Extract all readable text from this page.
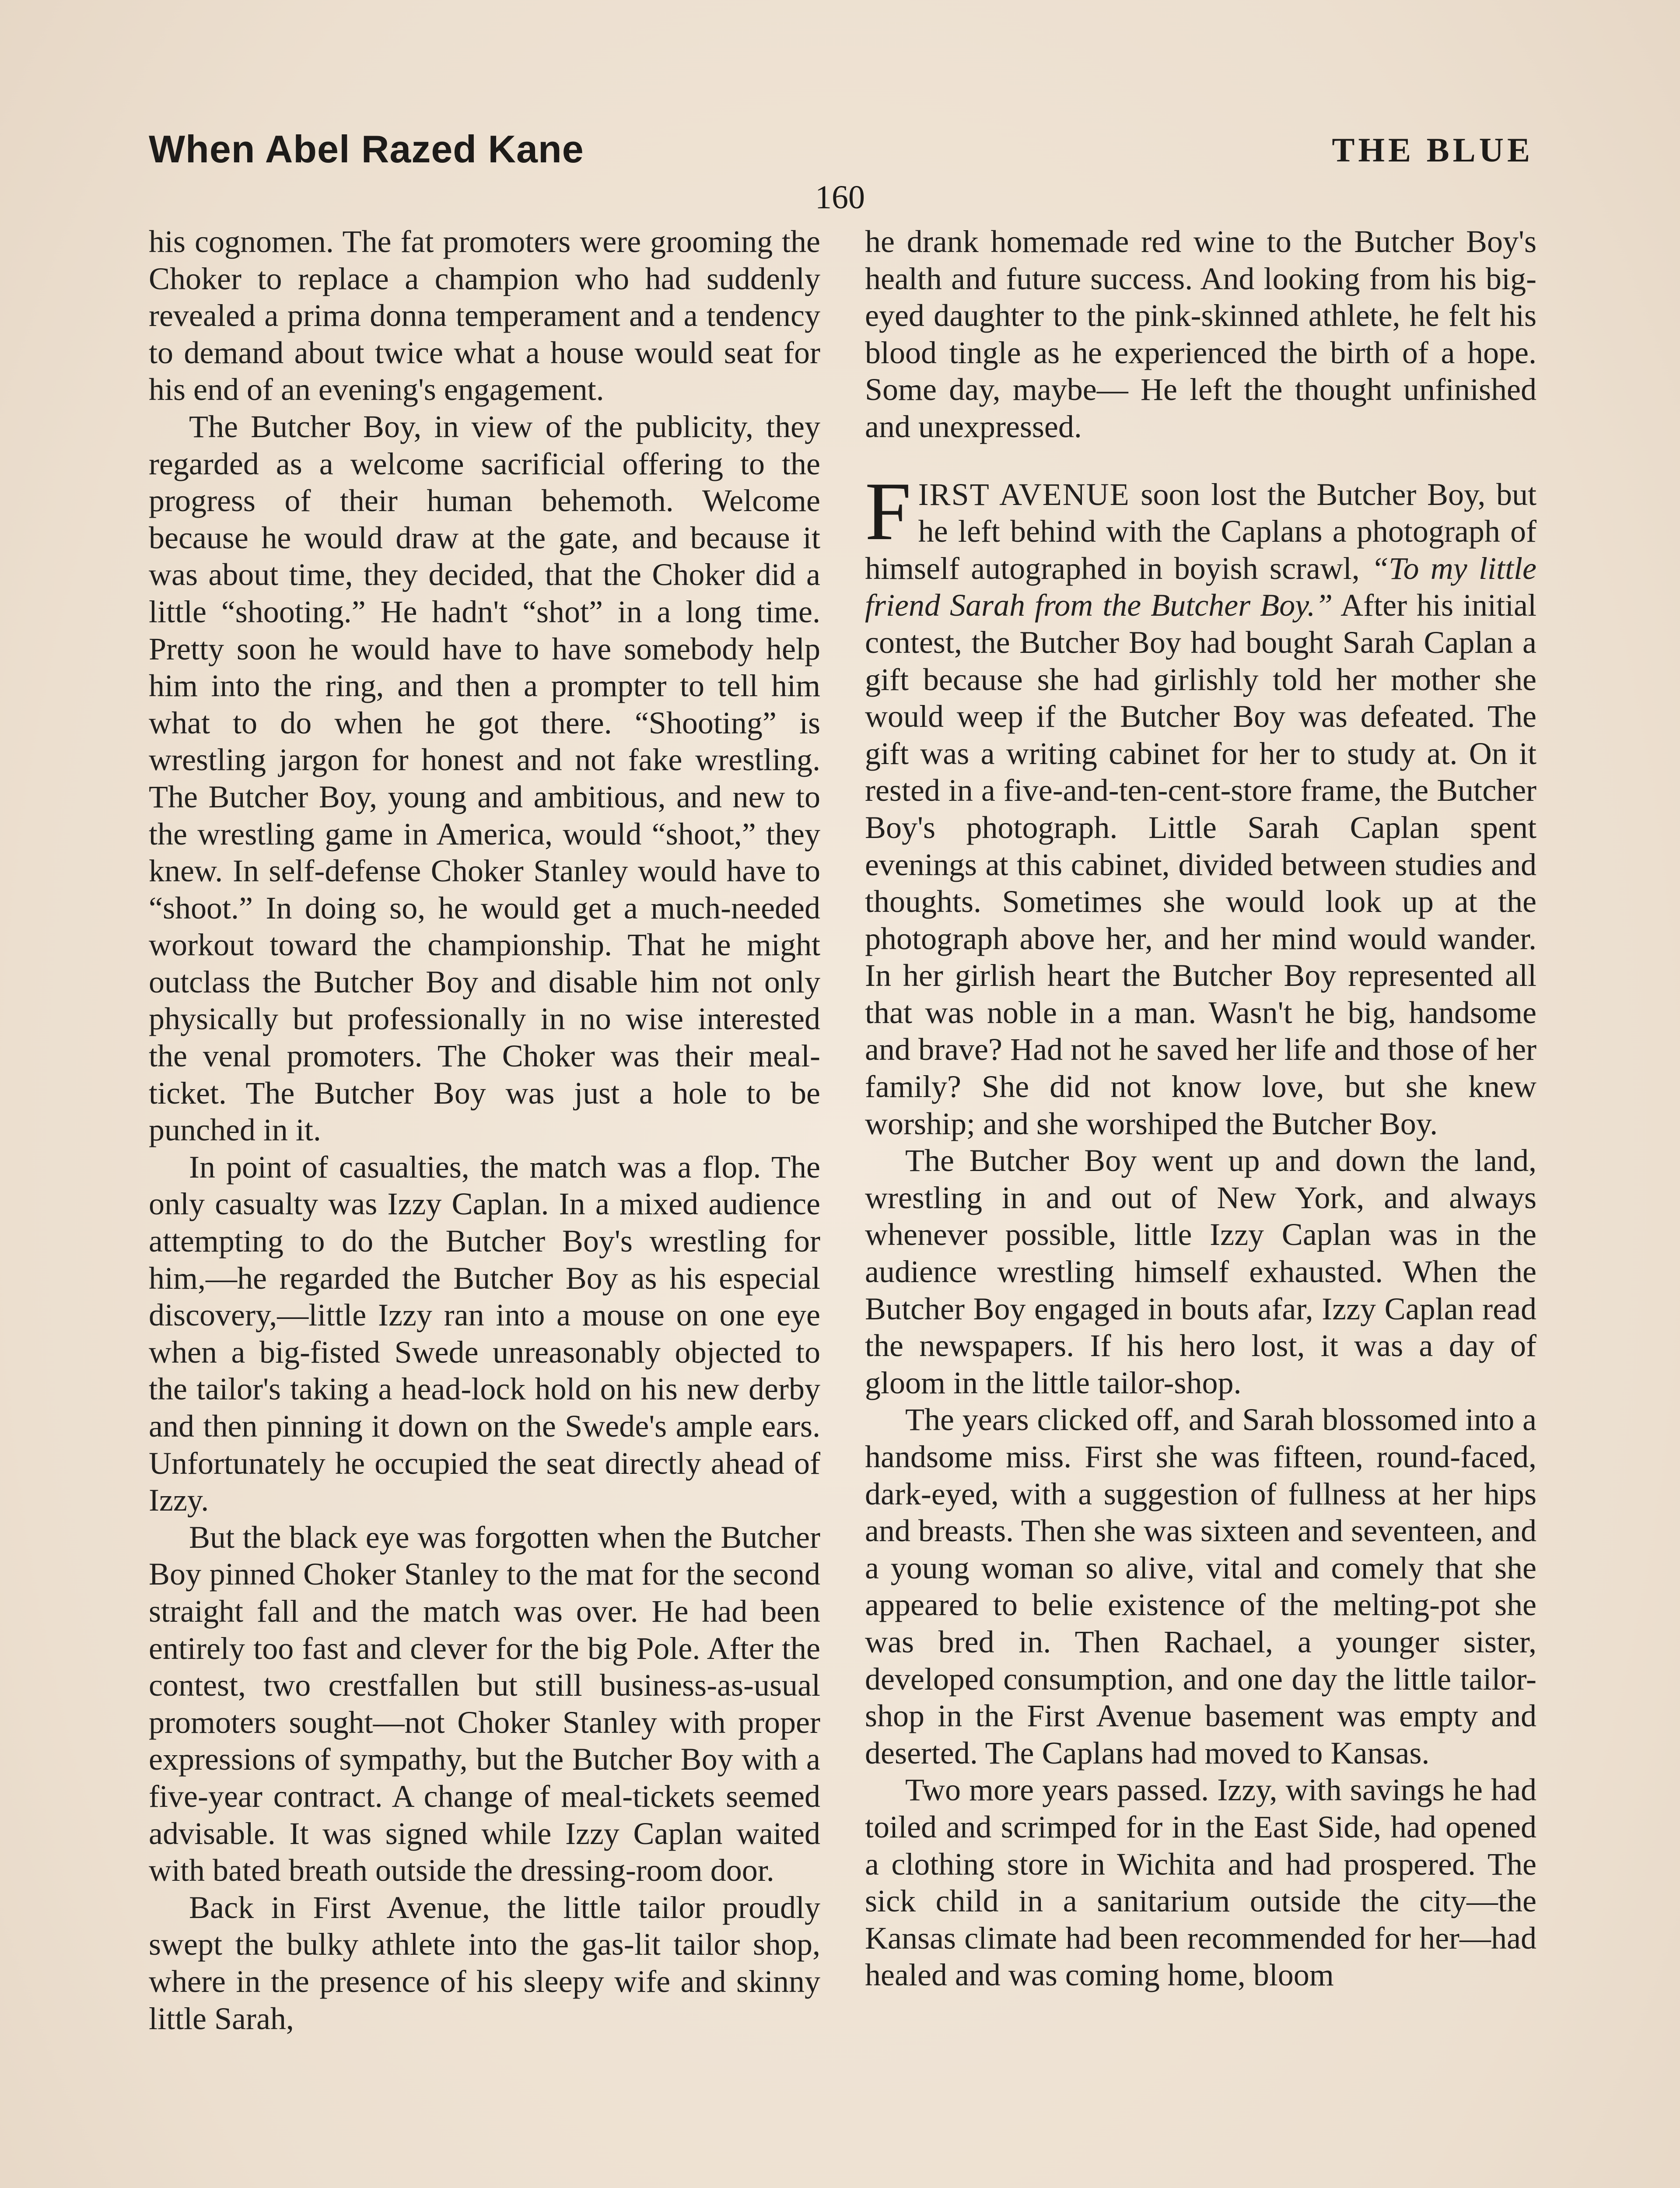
When Abel Razed Kane	THE BLUE
160

his cognomen. The fat promoters were grooming the Choker to replace a champion who had suddenly revealed a prima donna temperament and a tendency to demand about twice what a house would seat for his end of an evening's engagement.

The Butcher Boy, in view of the publicity, they regarded as a welcome sacrificial offering to the progress of their human behemoth. Welcome because he would draw at the gate, and because it was about time, they decided, that the Choker did a little “shooting.” He hadn't “shot” in a long time. Pretty soon he would have to have somebody help him into the ring, and then a prompter to tell him what to do when he got there. “Shooting” is wrestling jargon for honest and not fake wrestling. The Butcher Boy, young and ambitious, and new to the wrestling game in America, would “shoot,” they knew. In self-defense Choker Stanley would have to “shoot.” In doing so, he would get a much-needed workout toward the championship. That he might outclass the Butcher Boy and disable him not only physically but professionally in no wise interested the venal promoters. The Choker was their meal-ticket. The Butcher Boy was just a hole to be punched in it.

In point of casualties, the match was a flop. The only casualty was Izzy Caplan. In a mixed audience attempting to do the Butcher Boy's wrestling for him,—he regarded the Butcher Boy as his especial discovery,—little Izzy ran into a mouse on one eye when a big-fisted Swede unreasonably objected to the tailor's taking a head-lock hold on his new derby and then pinning it down on the Swede's ample ears. Unfortunately he occupied the seat directly ahead of Izzy.

But the black eye was forgotten when the Butcher Boy pinned Choker Stanley to the mat for the second straight fall and the match was over. He had been entirely too fast and clever for the big Pole. After the contest, two crestfallen but still business-as-usual promoters sought—not Choker Stanley with proper expressions of sympathy, but the Butcher Boy with a five-year contract. A change of meal-tickets seemed advisable. It was signed while Izzy Caplan waited with bated breath outside the dressing-room door.

Back in First Avenue, the little tailor proudly swept the bulky athlete into the gas-lit tailor shop, where in the presence of his sleepy wife and skinny little Sarah,

he drank homemade red wine to the Butcher Boy's health and future success. And looking from his big-eyed daughter to the pink-skinned athlete, he felt his blood tingle as he experienced the birth of a hope. Some day, maybe— He left the thought unfinished and unexpressed.

FIRST AVENUE soon lost the Butcher Boy, but he left behind with the Caplans a photograph of himself autographed in boyish scrawl, “To my little friend Sarah from the Butcher Boy.” After his initial contest, the Butcher Boy had bought Sarah Caplan a gift because she had girlishly told her mother she would weep if the Butcher Boy was defeated. The gift was a writing cabinet for her to study at. On it rested in a five-and-ten-cent-store frame, the Butcher Boy's photograph. Little Sarah Caplan spent evenings at this cabinet, divided between studies and thoughts. Sometimes she would look up at the photograph above her, and her mind would wander. In her girlish heart the Butcher Boy represented all that was noble in a man. Wasn't he big, handsome and brave? Had not he saved her life and those of her family? She did not know love, but she knew worship; and she worshiped the Butcher Boy.

The Butcher Boy went up and down the land, wrestling in and out of New York, and always whenever possible, little Izzy Caplan was in the audience wrestling himself exhausted. When the Butcher Boy engaged in bouts afar, Izzy Caplan read the newspapers. If his hero lost, it was a day of gloom in the little tailor-shop.

The years clicked off, and Sarah blossomed into a handsome miss. First she was fifteen, round-faced, dark-eyed, with a suggestion of fullness at her hips and breasts. Then she was sixteen and seventeen, and a young woman so alive, vital and comely that she appeared to belie existence of the melting-pot she was bred in. Then Rachael, a younger sister, developed consumption, and one day the little tailor-shop in the First Avenue basement was empty and deserted. The Caplans had moved to Kansas.

Two more years passed. Izzy, with savings he had toiled and scrimped for in the East Side, had opened a clothing store in Wichita and had prospered. The sick child in a sanitarium outside the city—the Kansas climate had been recommended for her—had healed and was coming home, bloom
